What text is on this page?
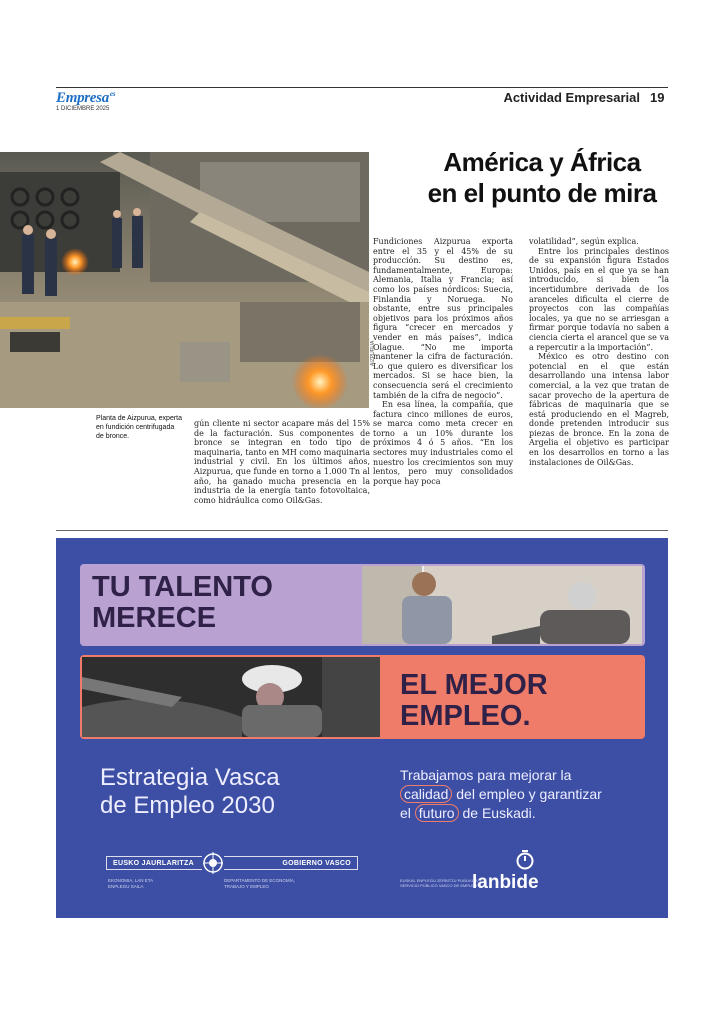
Empresa$^{es}$
1 DICIEMBRE 2025
Actividad Empresarial 19
AIZPURUA
Planta de Aizpurua, experta en fundición centrifugada de bronce.
América y África
en el punto de mira

gún cliente ni sector acapare más del 15% de la facturación. Sus componentes de bronce se integran en todo tipo de maquinaria, tanto en MH como maquinaria industrial y civil. En los últimos años, Aizpurua, que funde en torno a 1.000 Tn al año, ha ganado mucha presencia en la industria de la energía tanto fotovoltaica, como hidráulica como Oil&Gas.

Fundiciones Aizpurua exporta entre el 35 y el 45% de su producción. Su destino es, fundamentalmente, Europa: Alemania, Italia y Francia; así como los países nórdicos: Suecia, Finlandia y Noruega. No obstante, entre sus principales objetivos para los próximos años figura “crecer en mercados y vender en más países”, indica Olague. “No me importa mantener la cifra de facturación. Lo que quiero es diversificar los mercados. Si se hace bien, la consecuencia será el crecimiento también de la cifra de negocio”.

En esa línea, la compañía, que factura cinco millones de euros, se marca como meta crecer en torno a un 10% durante los próximos 4 ó 5 años. “En los sectores muy industriales como el nuestro los crecimientos son muy lentos, pero muy consolidados porque hay poca

volatilidad”, según explica.

Entre los principales destinos de su expansión figura Estados Unidos, país en el que ya se han introducido, si bien “la incertidumbre derivada de los aranceles dificulta el cierre de proyectos con las compañías locales, ya que no se arriesgan a firmar porque todavía no saben a ciencia cierta el arancel que se va a repercutir a la importación”.

México es otro destino con potencial en el que están desarrollando una intensa labor comercial, a la vez que tratan de sacar provecho de la apertura de fábricas de maquinaria que se está produciendo en el Magreb, donde pretenden introducir sus piezas de bronce. En la zona de Argelia el objetivo es participar en los desarrollos en torno a las instalaciones de Oil&Gas.

TU TALENTO
MERECE
EL MEJOR
EMPLEO.
Estrategia Vasca
de Empleo 2030
Trabajamos para mejorar la
calidad del empleo y garantizar
el futuro de Euskadi.
EUSKO JAURLARITZA	GOBIERNO VASCO
EKONOMIA, LAN ETA
ENPLEGU SAILA
DEPARTAMENTO DE ECONOMÍA,
TRABAJO Y EMPLEO
EUSKAL ENPLEGU ZERBITZU PUBLIKOA
SERVICIO PÚBLICO VASCO DE EMPLEO
lanbide
